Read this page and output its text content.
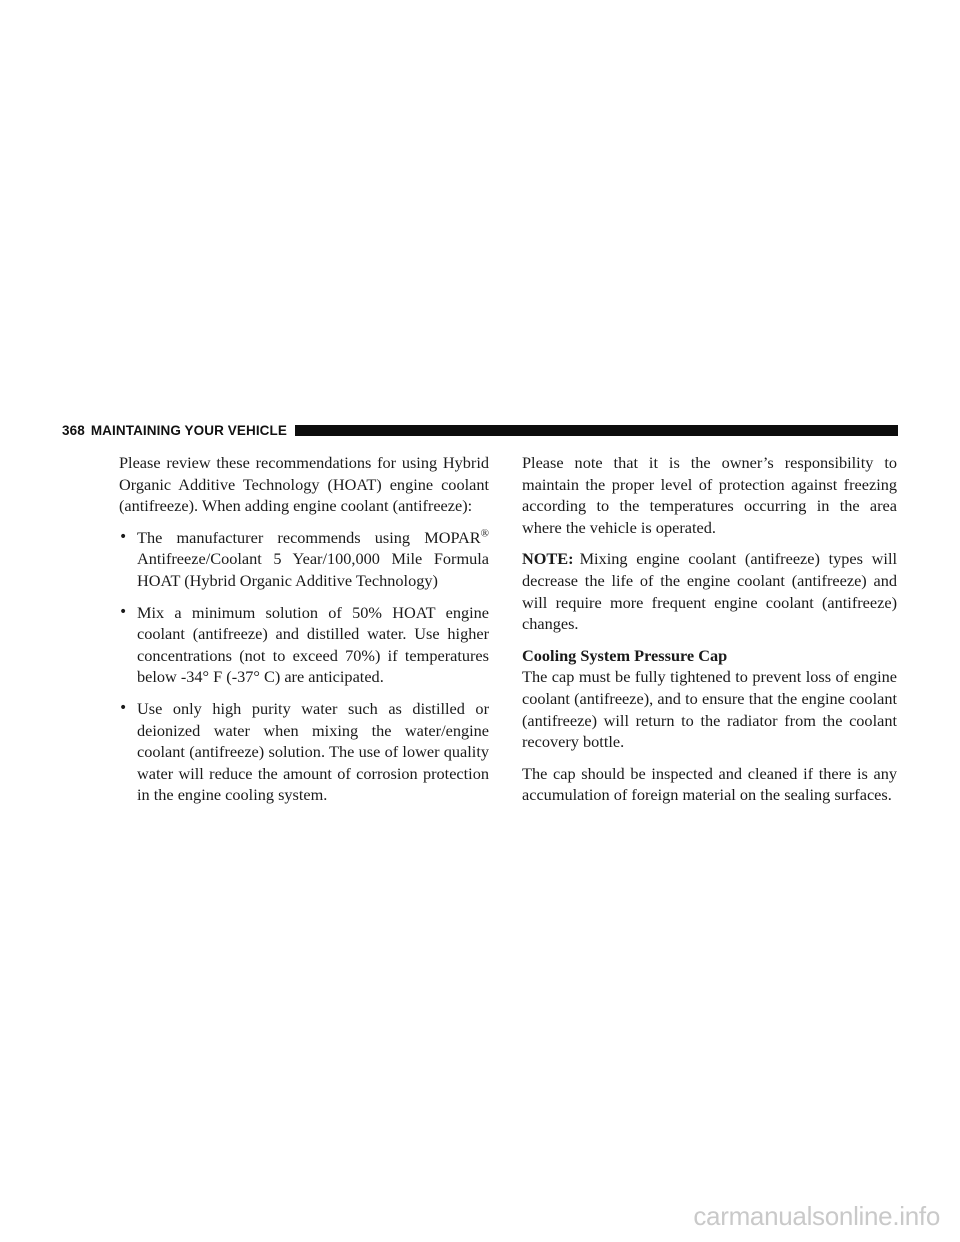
368 MAINTAINING YOUR VEHICLE

Please review these recommendations for using Hybrid Organic Additive Technology (HOAT) engine coolant (antifreeze). When adding engine coolant (antifreeze):

• The manufacturer recommends using MOPAR® Antifreeze/Coolant 5 Year/100,000 Mile Formula HOAT (Hybrid Organic Additive Technology)
• Mix a minimum solution of 50% HOAT engine coolant (antifreeze) and distilled water. Use higher concentrations (not to exceed 70%) if temperatures below -34° F (-37° C) are anticipated.
• Use only high purity water such as distilled or deionized water when mixing the water/engine coolant (antifreeze) solution. The use of lower quality water will reduce the amount of corrosion protection in the engine cooling system.

Please note that it is the owner’s responsibility to maintain the proper level of protection against freezing according to the temperatures occurring in the area where the vehicle is operated.

NOTE: Mixing engine coolant (antifreeze) types will decrease the life of the engine coolant (antifreeze) and will require more frequent engine coolant (antifreeze) changes.

Cooling System Pressure Cap

The cap must be fully tightened to prevent loss of engine coolant (antifreeze), and to ensure that the engine coolant (antifreeze) will return to the radiator from the coolant recovery bottle.

The cap should be inspected and cleaned if there is any accumulation of foreign material on the sealing surfaces.

carmanualsonline.info
